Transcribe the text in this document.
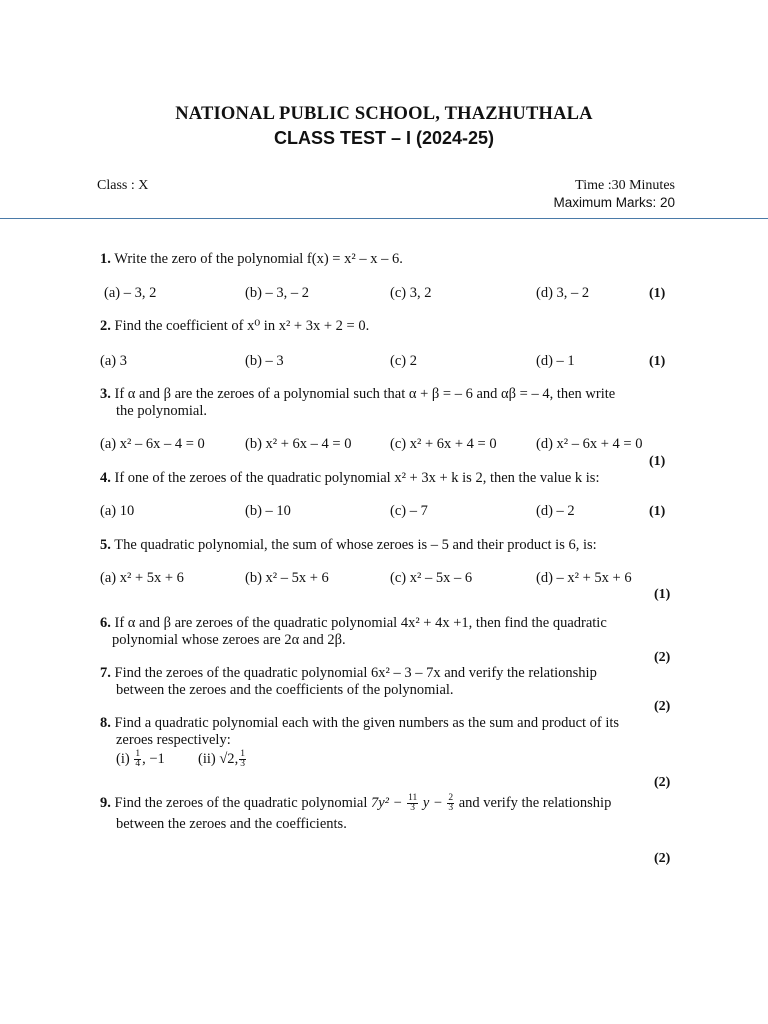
NATIONAL PUBLIC SCHOOL, THAZHUTHALA
CLASS TEST – I (2024-25)
Class : X	Time :30 Minutes
Maximum Marks: 20
1. Write the zero of the polynomial f(x) = x² – x – 6.
(a) – 3, 2	(b) – 3, – 2	(c) 3, 2	(d) 3, – 2	(1)
2. Find the coefficient of x⁰ in x² + 3x + 2 = 0.
(a) 3	(b) – 3	(c) 2	(d) – 1	(1)
3. If α and β are the zeroes of a polynomial such that α + β = – 6 and αβ = – 4, then write
the polynomial.
(a) x² – 6x – 4 = 0	(b) x² + 6x – 4 = 0	(c) x² + 6x + 4 = 0	(d) x² – 6x + 4 = 0
(1)
4. If one of the zeroes of the quadratic polynomial x² + 3x + k is 2, then the value k is:
(a) 10	(b) – 10	(c) – 7	(d) – 2	(1)
5. The quadratic polynomial, the sum of whose zeroes is – 5 and their product is 6, is:
(a) x² + 5x + 6	(b) x² – 5x + 6	(c) x² – 5x – 6	(d) – x² + 5x + 6
(1)
6. If α and β are zeroes of the quadratic polynomial 4x² + 4x +1, then find the quadratic
polynomial whose zeroes are 2α and 2β.
(2)
7. Find the zeroes of the quadratic polynomial 6x² – 3 – 7x and verify the relationship
between the zeroes and the coefficients of the polynomial.
(2)
8. Find a quadratic polynomial each with the given numbers as the sum and product of its
zeroes respectively:
$(i) \frac{1}{4}$ , −1 (ii) √2, $\frac{1}{3}$
(2)
9. Find the zeroes of the quadratic polynomial $7y^2 - \frac{11}{3}$ $y - \frac{2}{3}$ and verify the relationship
between the zeroes and the coefficients.
(2)
